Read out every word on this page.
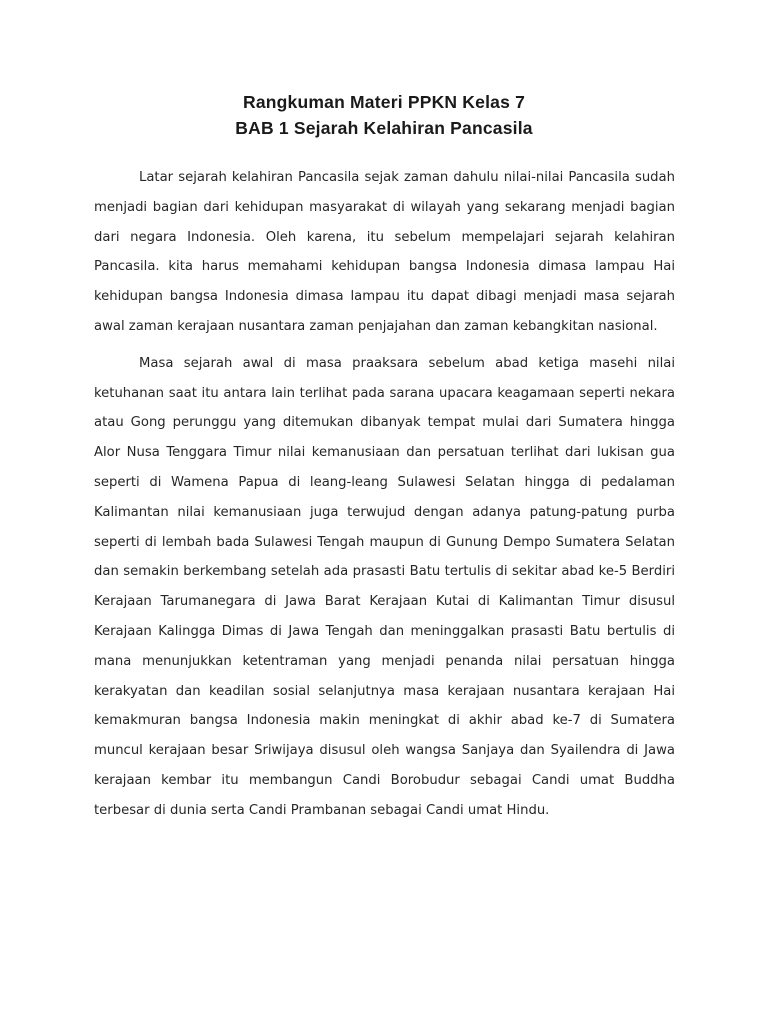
Rangkuman Materi PPKN Kelas 7
BAB 1 Sejarah Kelahiran Pancasila

Latar sejarah kelahiran Pancasila sejak zaman dahulu nilai-nilai Pancasila sudah menjadi bagian dari kehidupan masyarakat di wilayah yang sekarang menjadi bagian dari negara Indonesia. Oleh karena, itu sebelum mempelajari sejarah kelahiran Pancasila. kita harus memahami kehidupan bangsa Indonesia dimasa lampau Hai kehidupan bangsa Indonesia dimasa lampau itu dapat dibagi menjadi masa sejarah awal zaman kerajaan nusantara zaman penjajahan dan zaman kebangkitan nasional.

Masa sejarah awal di masa praaksara sebelum abad ketiga masehi nilai ketuhanan saat itu antara lain terlihat pada sarana upacara keagamaan seperti nekara atau Gong perunggu yang ditemukan dibanyak tempat mulai dari Sumatera hingga Alor Nusa Tenggara Timur nilai kemanusiaan dan persatuan terlihat dari lukisan gua seperti di Wamena Papua di leang-leang Sulawesi Selatan hingga di pedalaman Kalimantan nilai kemanusiaan juga terwujud dengan adanya patung-patung purba seperti di lembah bada Sulawesi Tengah maupun di Gunung Dempo Sumatera Selatan dan semakin berkembang setelah ada prasasti Batu tertulis di sekitar abad ke-5 Berdiri Kerajaan Tarumanegara di Jawa Barat Kerajaan Kutai di Kalimantan Timur disusul Kerajaan Kalingga Dimas di Jawa Tengah dan meninggalkan prasasti Batu bertulis di mana menunjukkan ketentraman yang menjadi penanda nilai persatuan hingga kerakyatan dan keadilan sosial selanjutnya masa kerajaan nusantara kerajaan Hai kemakmuran bangsa Indonesia makin meningkat di akhir abad ke-7 di Sumatera muncul kerajaan besar Sriwijaya disusul oleh wangsa Sanjaya dan Syailendra di Jawa kerajaan kembar itu membangun Candi Borobudur sebagai Candi umat Buddha terbesar di dunia serta Candi Prambanan sebagai Candi umat Hindu.
